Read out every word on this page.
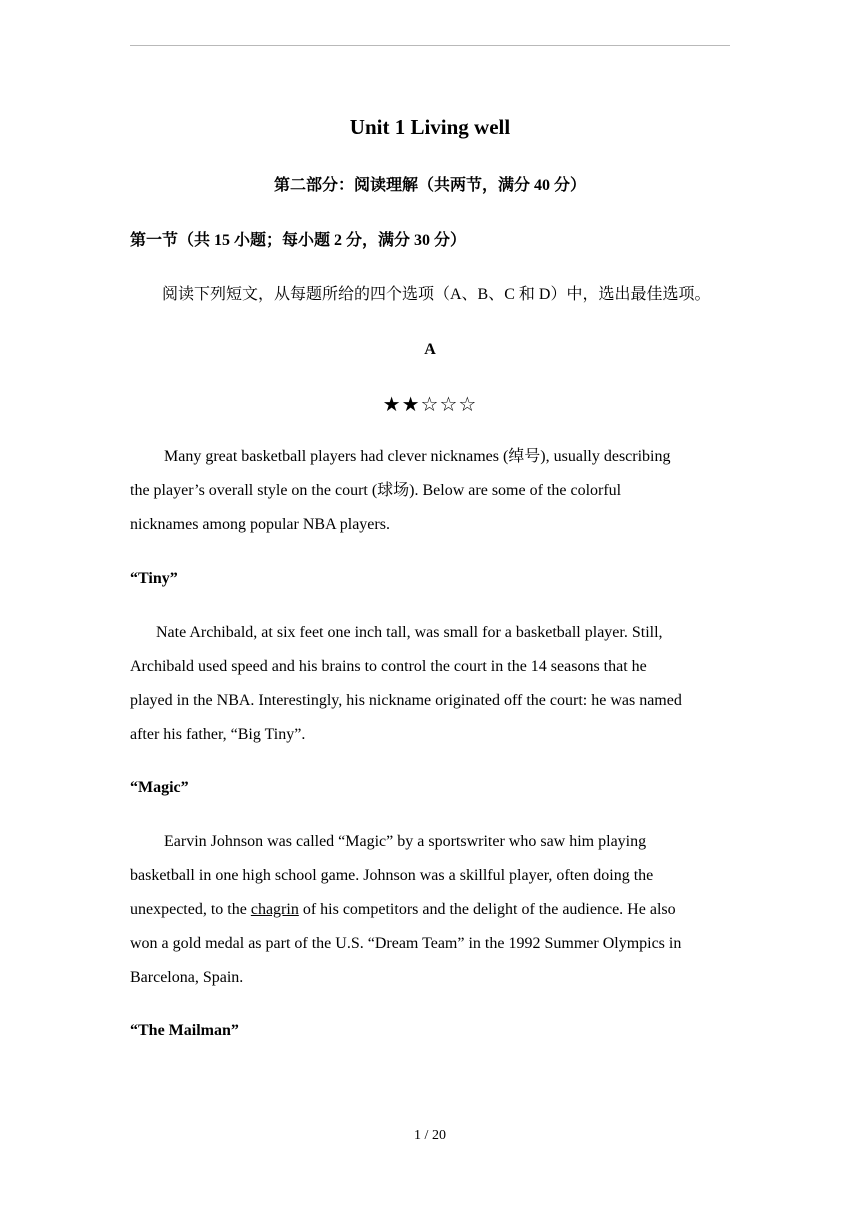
Unit 1 Living well
第二部分：阅读理解（共两节，满分 40 分）
第一节（共 15 小题；每小题 2 分，满分 30 分）
阅读下列短文，从每题所给的四个选项（A、B、C 和 D）中，选出最佳选项。
A
★★☆☆☆
Many great basketball players had clever nicknames (绰号), usually describing
the player’s overall style on the court (球场). Below are some of the colorful
nicknames among popular NBA players.
“Tiny”
Nate Archibald, at six feet one inch tall, was small for a basketball player. Still,
Archibald used speed and his brains to control the court in the 14 seasons that he
played in the NBA. Interestingly, his nickname originated off the court: he was named
after his father, “Big Tiny”.
“Magic”
Earvin Johnson was called “Magic” by a sportswriter who saw him playing
basketball in one high school game. Johnson was a skillful player, often doing the
unexpected, to the chagrin of his competitors and the delight of the audience. He also
won a gold medal as part of the U.S. “Dream Team” in the 1992 Summer Olympics in
Barcelona, Spain.
“The Mailman”
1 / 20
